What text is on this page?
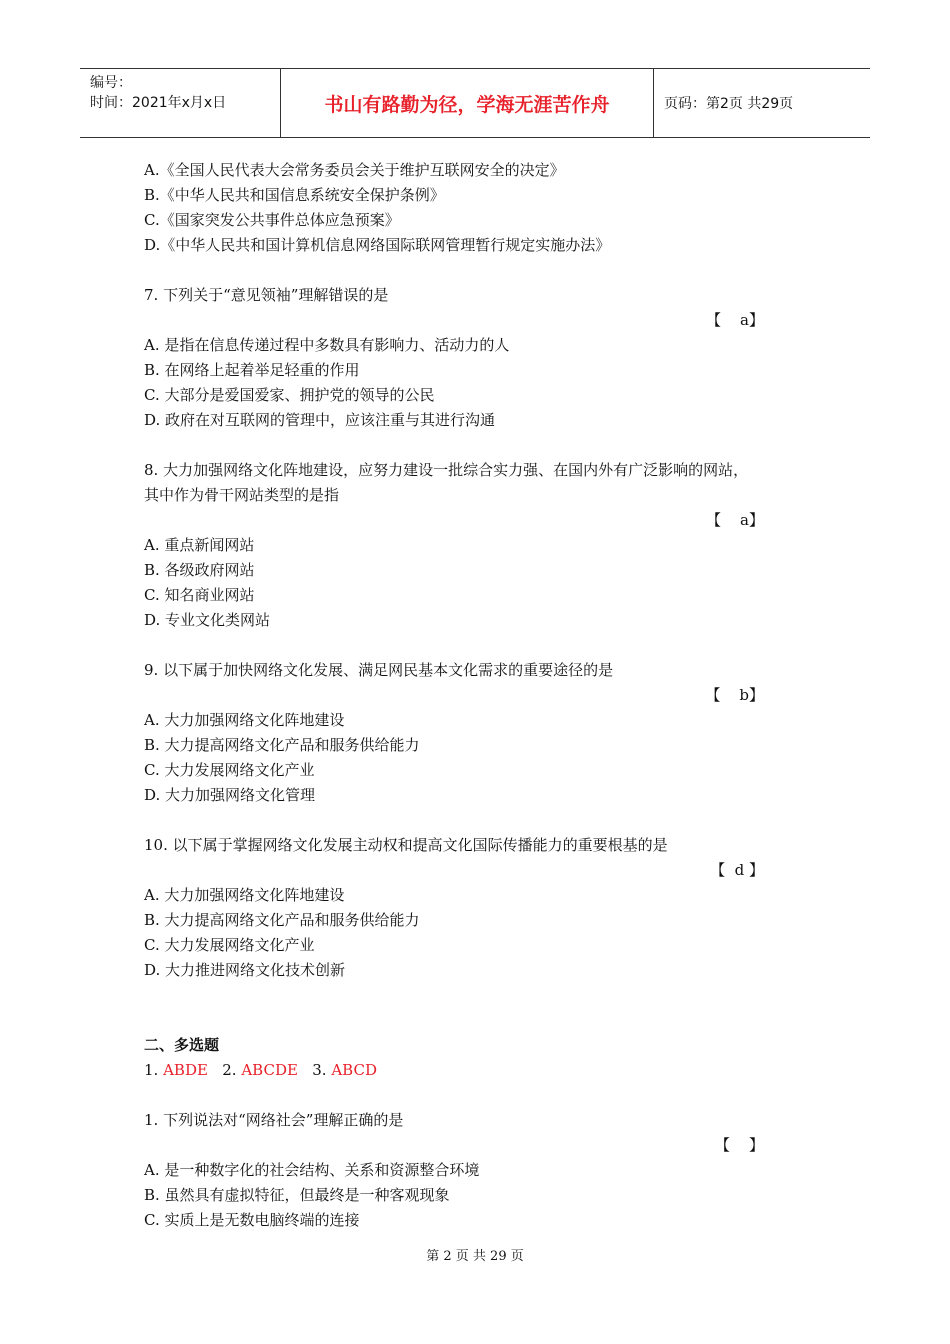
编号：
时间：2021年x月x日	书山有路勤为径，学海无涯苦作舟	页码：第2页 共29页
A.《全国人民代表大会常务委员会关于维护互联网安全的决定》
B.《中华人民共和国信息系统安全保护条例》
C.《国家突发公共事件总体应急预案》
D.《中华人民共和国计算机信息网络国际联网管理暂行规定实施办法》
7. 下列关于“意见领袖”理解错误的是
【    a】
A. 是指在信息传递过程中多数具有影响力、活动力的人
B. 在网络上起着举足轻重的作用
C. 大部分是爱国爱家、拥护党的领导的公民
D. 政府在对互联网的管理中，应该注重与其进行沟通
8. 大力加强网络文化阵地建设，应努力建设一批综合实力强、在国内外有广泛影响的网站，
其中作为骨干网站类型的是指
【    a】
A. 重点新闻网站
B. 各级政府网站
C. 知名商业网站
D. 专业文化类网站
9. 以下属于加快网络文化发展、满足网民基本文化需求的重要途径的是
【    b】
A. 大力加强网络文化阵地建设
B. 大力提高网络文化产品和服务供给能力
C. 大力发展网络文化产业
D. 大力加强网络文化管理
10. 以下属于掌握网络文化发展主动权和提高文化国际传播能力的重要根基的是
【  d 】
A. 大力加强网络文化阵地建设
B. 大力提高网络文化产品和服务供给能力
C. 大力发展网络文化产业
D. 大力推进网络文化技术创新
二、多选题
1. ABDE 2. ABCDE 3. ABCD
1. 下列说法对“网络社会”理解正确的是
【    】
A. 是一种数字化的社会结构、关系和资源整合环境
B. 虽然具有虚拟特征，但最终是一种客观现象
C. 实质上是无数电脑终端的连接
第 2 页 共 29 页
